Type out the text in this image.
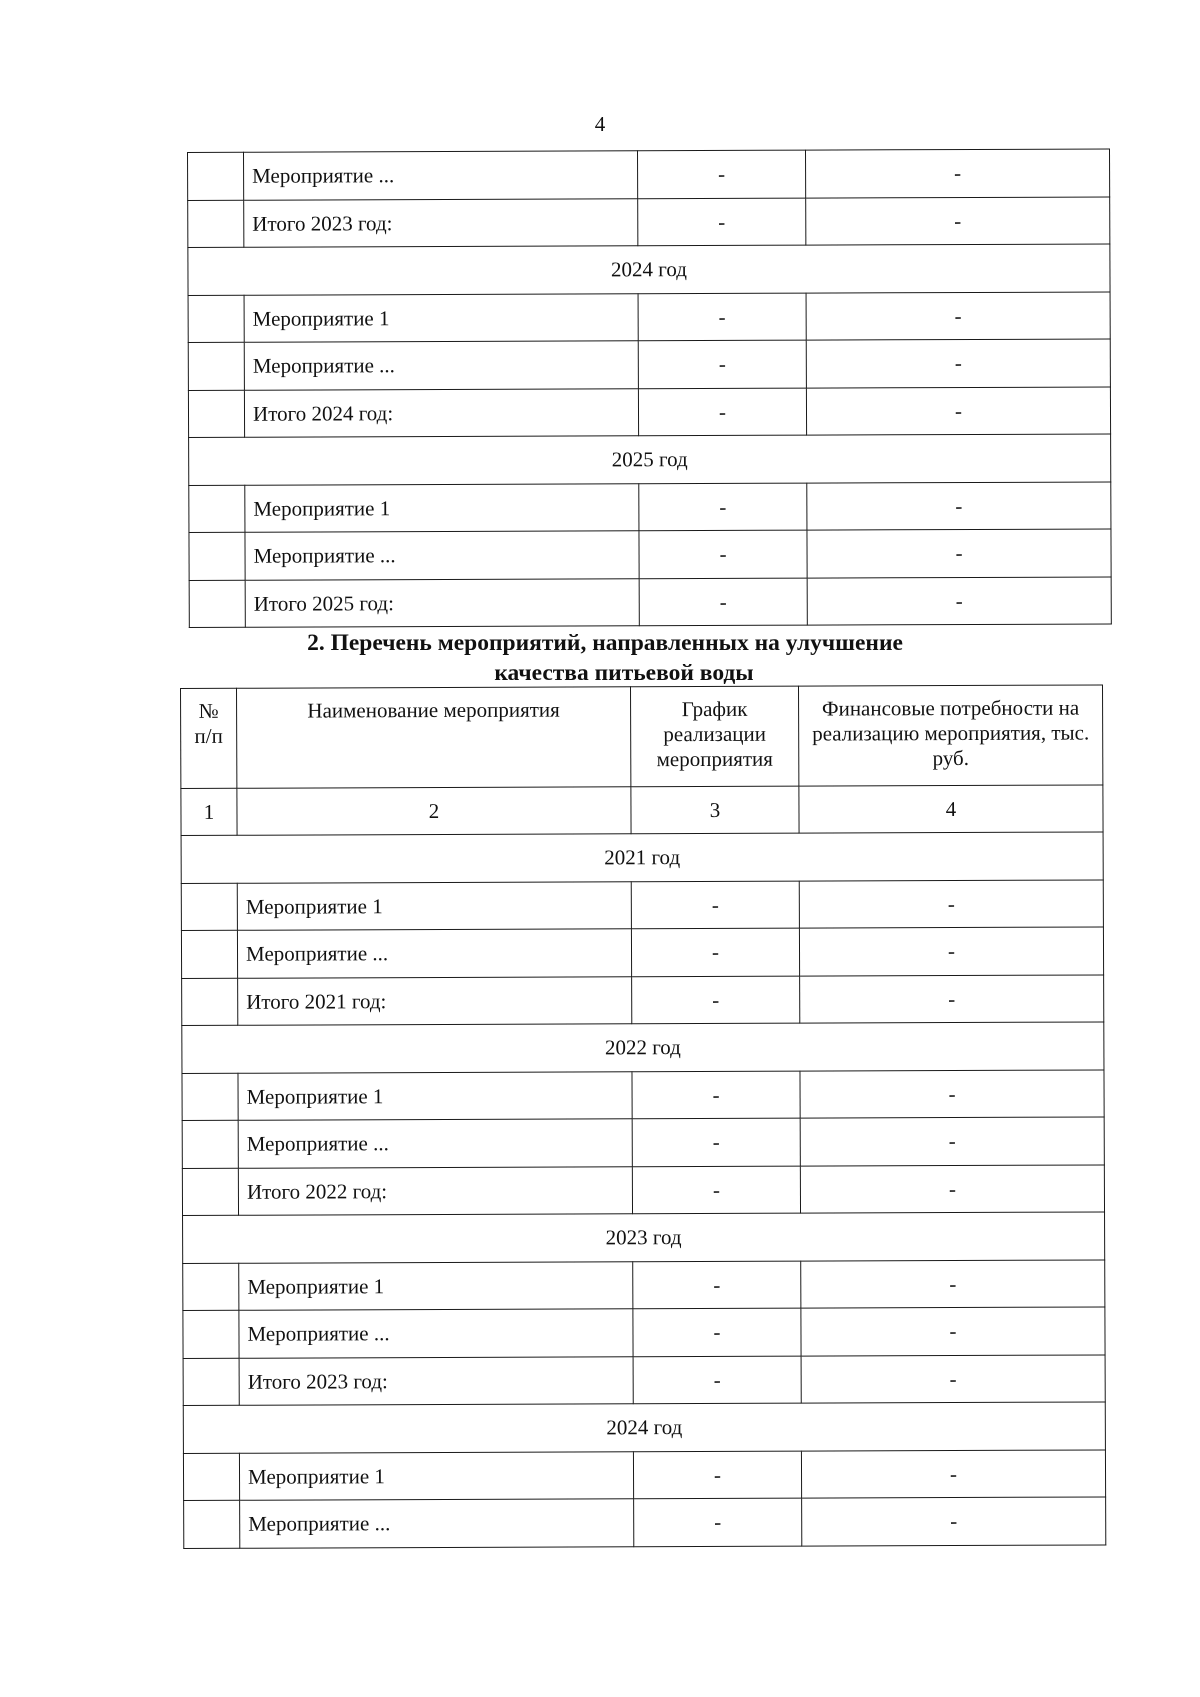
4
	Мероприятие ...	-	-
	Итого 2023 год:	-	-
2024 год			
	Мероприятие 1	-	-
	Мероприятие ...	-	-
	Итого 2024 год:	-	-
2025 год			
	Мероприятие 1	-	-
	Мероприятие ...	-	-
	Итого 2025 год:	-	-
2. Перечень мероприятий, направленных на улучшение
качества питьевой воды
№ п/п	Наименование мероприятия	График реализации мероприятия	Финансовые потребности на реализацию мероприятия, тыс. руб.
1	2	3	4
2021 год			
	Мероприятие 1	-	-
	Мероприятие ...	-	-
	Итого 2021 год:	-	-
2022 год			
	Мероприятие 1	-	-
	Мероприятие ...	-	-
	Итого 2022 год:	-	-
2023 год			
	Мероприятие 1	-	-
	Мероприятие ...	-	-
	Итого 2023 год:	-	-
2024 год			
	Мероприятие 1	-	-
	Мероприятие ...	-	-
